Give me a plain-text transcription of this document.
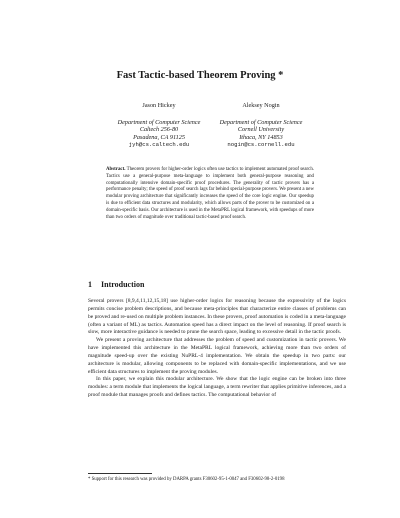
Fast Tactic-based Theorem Proving *
Jason Hickey
Department of Computer Science
Caltech 256-80
Pasadena, CA 91125
jyh@cs.caltech.edu
Aleksey Nogin
Department of Computer Science
Cornell University
Ithaca, NY 14853
nogin@cs.cornell.edu
Abstract. Theorem provers for higher-order logics often use tactics to implement automated proof search. Tactics use a general-purpose meta-language to implement both general-purpose reasoning and computationally intensive domain-specific proof procedures. The generality of tactic provers has a performance penalty; the speed of proof search lags far behind special-purpose provers. We present a new modular proving architecture that significantly increases the speed of the core logic engine. Our speedup is due to efficient data structures and modularity, which allows parts of the prover to be customized on a domain-specific basis. Our architecture is used in the MetaPRL logical framework, with speedups of more than two orders of magnitude over traditional tactic-based proof search.
1 Introduction

Several provers [8,9,4,11,12,15,18] use higher-order logics for reasoning because the expressivity of the logics permits concise problem descriptions, and because meta-principles that characterize entire classes of problems can be proved and re-used on multiple problem instances. In these provers, proof automation is coded in a meta-language (often a variant of ML) as tactics. Automation speed has a direct impact on the level of reasoning. If proof search is slow, more interactive guidance is needed to prune the search space, leading to excessive detail in the tactic proofs.

We present a proving architecture that addresses the problem of speed and customization in tactic provers. We have implemented this architecture in the MetaPRL logical framework, achieving more than two orders of magnitude speed-up over the existing NuPRL-4 implementation. We obtain the speedup in two parts: our architecture is modular, allowing components to be replaced with domain-specific implementations, and we use efficient data structures to implement the proving modules.

In this paper, we explain this modular architecture. We show that the logic engine can be broken into three modules: a term module that implements the logical language, a term rewriter that applies primitive inferences, and a proof module that manages proofs and defines tactics. The computational behavior of

* Support for this research was provided by DARPA grants F30602-95-1-0047 and F30602-98-2-0198
